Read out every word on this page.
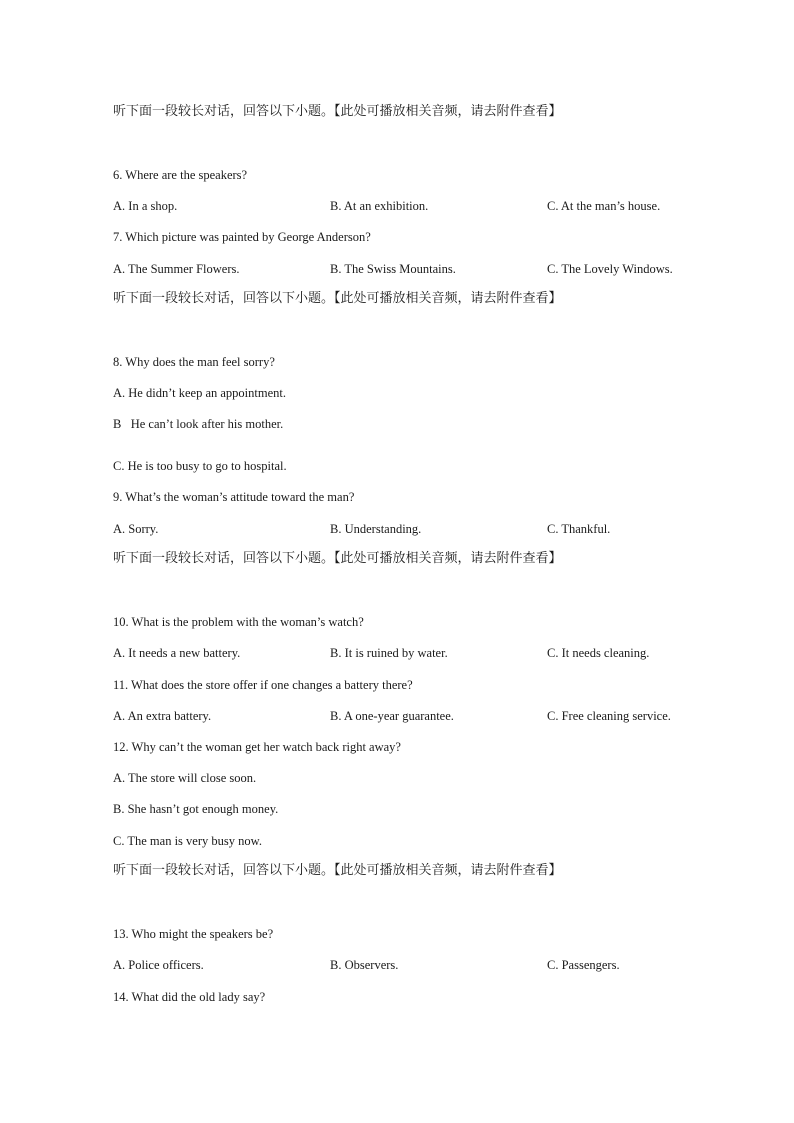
听下面一段较长对话，回答以下小题。【此处可播放相关音频，请去附件查看】
6. Where are the speakers?
A. In a shop.	B. At an exhibition.	C. At the man’s house.
7. Which picture was painted by George Anderson?
A. The Summer Flowers.	B. The Swiss Mountains.	C. The Lovely Windows.
听下面一段较长对话，回答以下小题。【此处可播放相关音频，请去附件查看】
8. Why does the man feel sorry?
A. He didn’t keep an appointment.
B   He can’t look after his mother.
C. He is too busy to go to hospital.
9. What’s the woman’s attitude toward the man?
A. Sorry.	B. Understanding.	C. Thankful.
听下面一段较长对话，回答以下小题。【此处可播放相关音频，请去附件查看】
10. What is the problem with the woman’s watch?
A. It needs a new battery.	B. It is ruined by water.	C. It needs cleaning.
11. What does the store offer if one changes a battery there?
A. An extra battery.	B. A one-year guarantee.	C. Free cleaning service.
12. Why can’t the woman get her watch back right away?
A. The store will close soon.
B. She hasn’t got enough money.
C. The man is very busy now.
听下面一段较长对话，回答以下小题。【此处可播放相关音频，请去附件查看】
13. Who might the speakers be?
A. Police officers.	B. Observers.	C. Passengers.
14. What did the old lady say?
